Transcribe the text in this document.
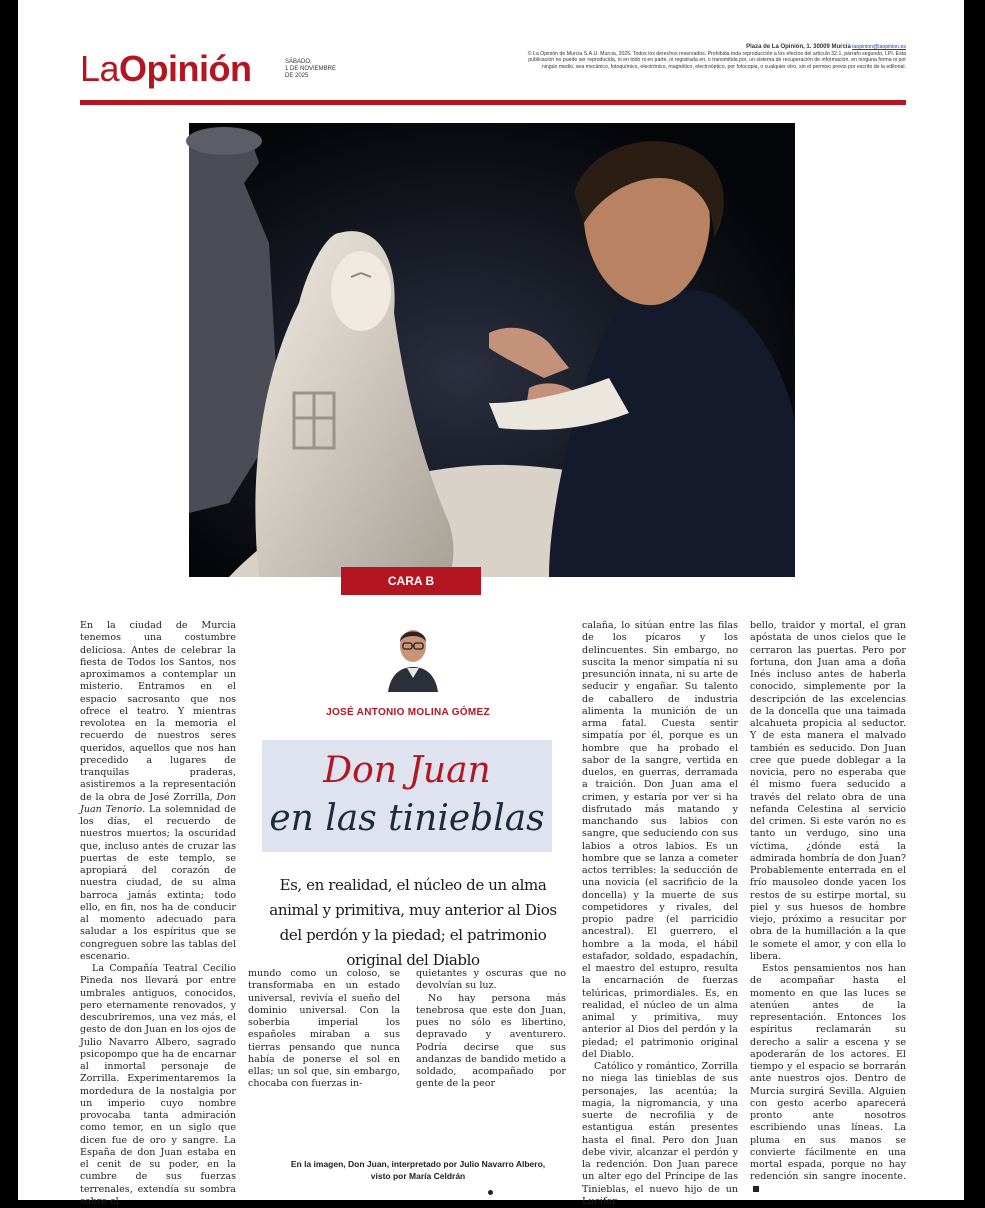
LaOpinión	SÁBADO,
1 DE NOVIEMBRE
DE 2025
Plaza de La Opinión, 1. 30009 Murcia laopinion@laopinion.es
© La Opinión de Murcia S.A.U. Murcia, 2025. Todos los derechos reservados. Prohibida toda reproducción a los efectos del artículo 32.1, párrafo segundo, LPI. Esta publicación no puede ser reproducida, ni en todo ni en parte, ni registrada en, o transmitida por, un sistema de recuperación de información, en ninguna forma ni por ningún medio, sea mecánico, fotoquímico, electrónico, magnético, electroóptico, por fotocopia, o cualquier otro, sin el permiso previo por escrito de la editorial.
CARA B

En la ciudad de Murcia tenemos una costumbre deliciosa. Antes de celebrar la fiesta de Todos los Santos, nos aproximamos a contemplar un misterio. Entramos en el espacio sacrosanto que nos ofrece el teatro. Y mientras revolotea en la memoria el recuerdo de nuestros seres queridos, aquellos que nos han precedido a lugares de tranquilas praderas, asistiremos a la representación de la obra de José Zorrilla, Don Juan Tenorio. La solemnidad de los días, el recuerdo de nuestros muertos; la oscuridad que, incluso antes de cruzar las puertas de este templo, se apropiará del corazón de nuestra ciudad, de su alma barroca jamás extinta; todo ello, en fin, nos ha de conducir al momento adecuado para saludar a los espíritus que se congreguen sobre las tablas del escenario.

La Compañía Teatral Cecilio Pineda nos llevará por entre umbrales antiguos, conocidos, pero eternamente renovados, y descubriremos, una vez más, el gesto de don Juan en los ojos de Julio Navarro Albero, sagrado psicopompo que ha de encarnar al inmortal personaje de Zorrilla. Experimentaremos la mordedura de la nostalgia por un imperio cuyo nombre provocaba tanta admiración como temor, en un siglo que dicen fue de oro y sangre. La España de don Juan estaba en el cenit de su poder, en la cumbre de sus fuerzas terrenales, extendía su sombra sobre el

JOSÉ ANTONIO MOLINA GÓMEZ
Don Juan
en las tinieblas
Es, en realidad, el núcleo de un alma animal y primitiva, muy anterior al Dios del perdón y la piedad; el patrimonio original del Diablo

mundo como un coloso, se transformaba en un estado universal, revivía el sueño del dominio universal. Con la soberbia imperial los españoles miraban a sus tierras pensando que nunca había de ponerse el sol en ellas; un sol que, sin embargo, chocaba con fuerzas in-

quietantes y oscuras que no devolvían su luz.

No hay persona más tenebrosa que este don Juan, pues no sólo es libertino, depravado y aventurero. Podría decirse que sus andanzas de bandido metido a soldado, acompañado por gente de la peor

En la imagen, Don Juan, interpretado por Julio Navarro Albero,
visto por María Celdrán

calaña, lo sitúan entre las filas de los pícaros y los delincuentes. Sin embargo, no suscita la menor simpatía ni su presunción innata, ni su arte de seducir y engañar. Su talento de caballero de industria alimenta la munición de un arma fatal. Cuesta sentir simpatía por él, porque es un hombre que ha probado el sabor de la sangre, vertida en duelos, en guerras, derramada a traición. Don Juan ama el crimen, y estaría por ver si ha disfrutado más matando y manchando sus labios con sangre, que seduciendo con sus labios a otros labios. Es un hombre que se lanza a cometer actos terribles: la seducción de una novicia (el sacrificio de la doncella) y la muerte de sus competidores y rivales, del propio padre (el parricidio ancestral). El guerrero, el hombre a la moda, el hábil estafador, soldado, espadachín, el maestro del estupro, resulta la encarnación de fuerzas telúricas, primordiales. Es, en realidad, el núcleo de un alma animal y primitiva, muy anterior al Dios del perdón y la piedad; el patrimonio original del Diablo.

Católico y romántico, Zorrilla no niega las tinieblas de sus personajes, las acentúa; la magia, la nigromancia, y una suerte de necrofilia y de estantigua están presentes hasta el final. Pero don Juan debe vivir, alcanzar el perdón y la redención. Don Juan parece un alter ego del Príncipe de las Tinieblas, el nuevo hijo de un Lucifer

bello, traidor y mortal, el gran apóstata de unos cielos que le cerraron las puertas. Pero por fortuna, don Juan ama a doña Inés incluso antes de haberla conocido, simplemente por la descripción de las excelencias de la doncella que una taimada alcahueta propicia al seductor. Y de esta manera el malvado también es seducido. Don Juan cree que puede doblegar a la novicia, pero no esperaba que él mismo fuera seducido a través del relato obra de una nefanda Celestina al servicio del crimen. Si este varón no es tanto un verdugo, sino una víctima, ¿dónde está la admirada hombría de don Juan? Probablemente enterrada en el frío mausoleo donde yacen los restos de su estirpe mortal, su piel y sus huesos de hombre viejo, próximo a resucitar por obra de la humillación a la que le somete el amor, y con ella lo libera.

Estos pensamientos nos han de acompañar hasta el momento en que las luces se atenúen antes de la representación. Entonces los espíritus reclamarán su derecho a salir a escena y se apoderarán de los actores. El tiempo y el espacio se borrarán ante nuestros ojos. Dentro de Murcia surgirá Sevilla. Alguien con gesto acerbo aparecerá pronto ante nosotros escribiendo unas líneas. La pluma en sus manos se convierte fácilmente en una mortal espada, porque no hay redención sin sangre inocente.
